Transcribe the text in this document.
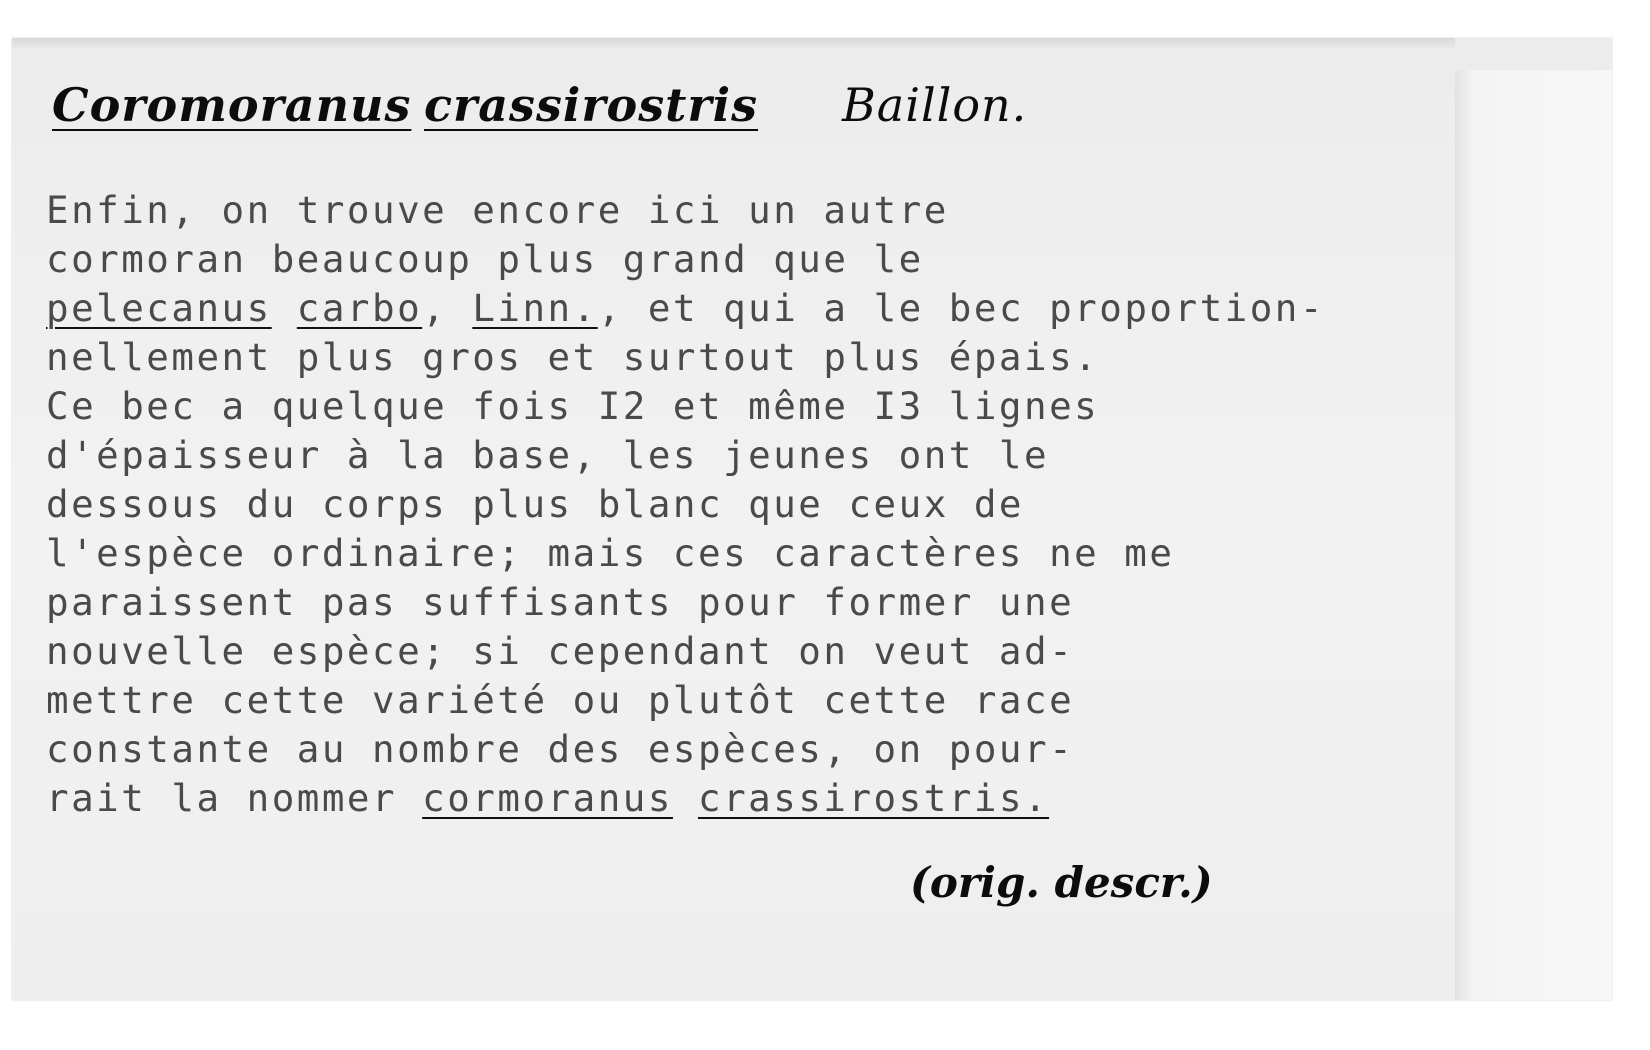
Coromoranus crassirostris Baillon.
Enfin, on trouve encore ici un autre
cormoran beaucoup plus grand que le
pelecanus carbo, Linn., et qui a le bec proportion-
nellement plus gros et surtout plus épais.
Ce bec a quelque fois I2 et même I3 lignes
d'épaisseur à la base, les jeunes ont le
dessous du corps plus blanc que ceux de
l'espèce ordinaire; mais ces caractères ne me
paraissent pas suffisants pour former une
nouvelle espèce; si cependant on veut ad-
mettre cette variété ou plutôt cette race
constante au nombre des espèces, on pour-
rait la nommer cormoranus crassirostris.
(orig. descr.)
